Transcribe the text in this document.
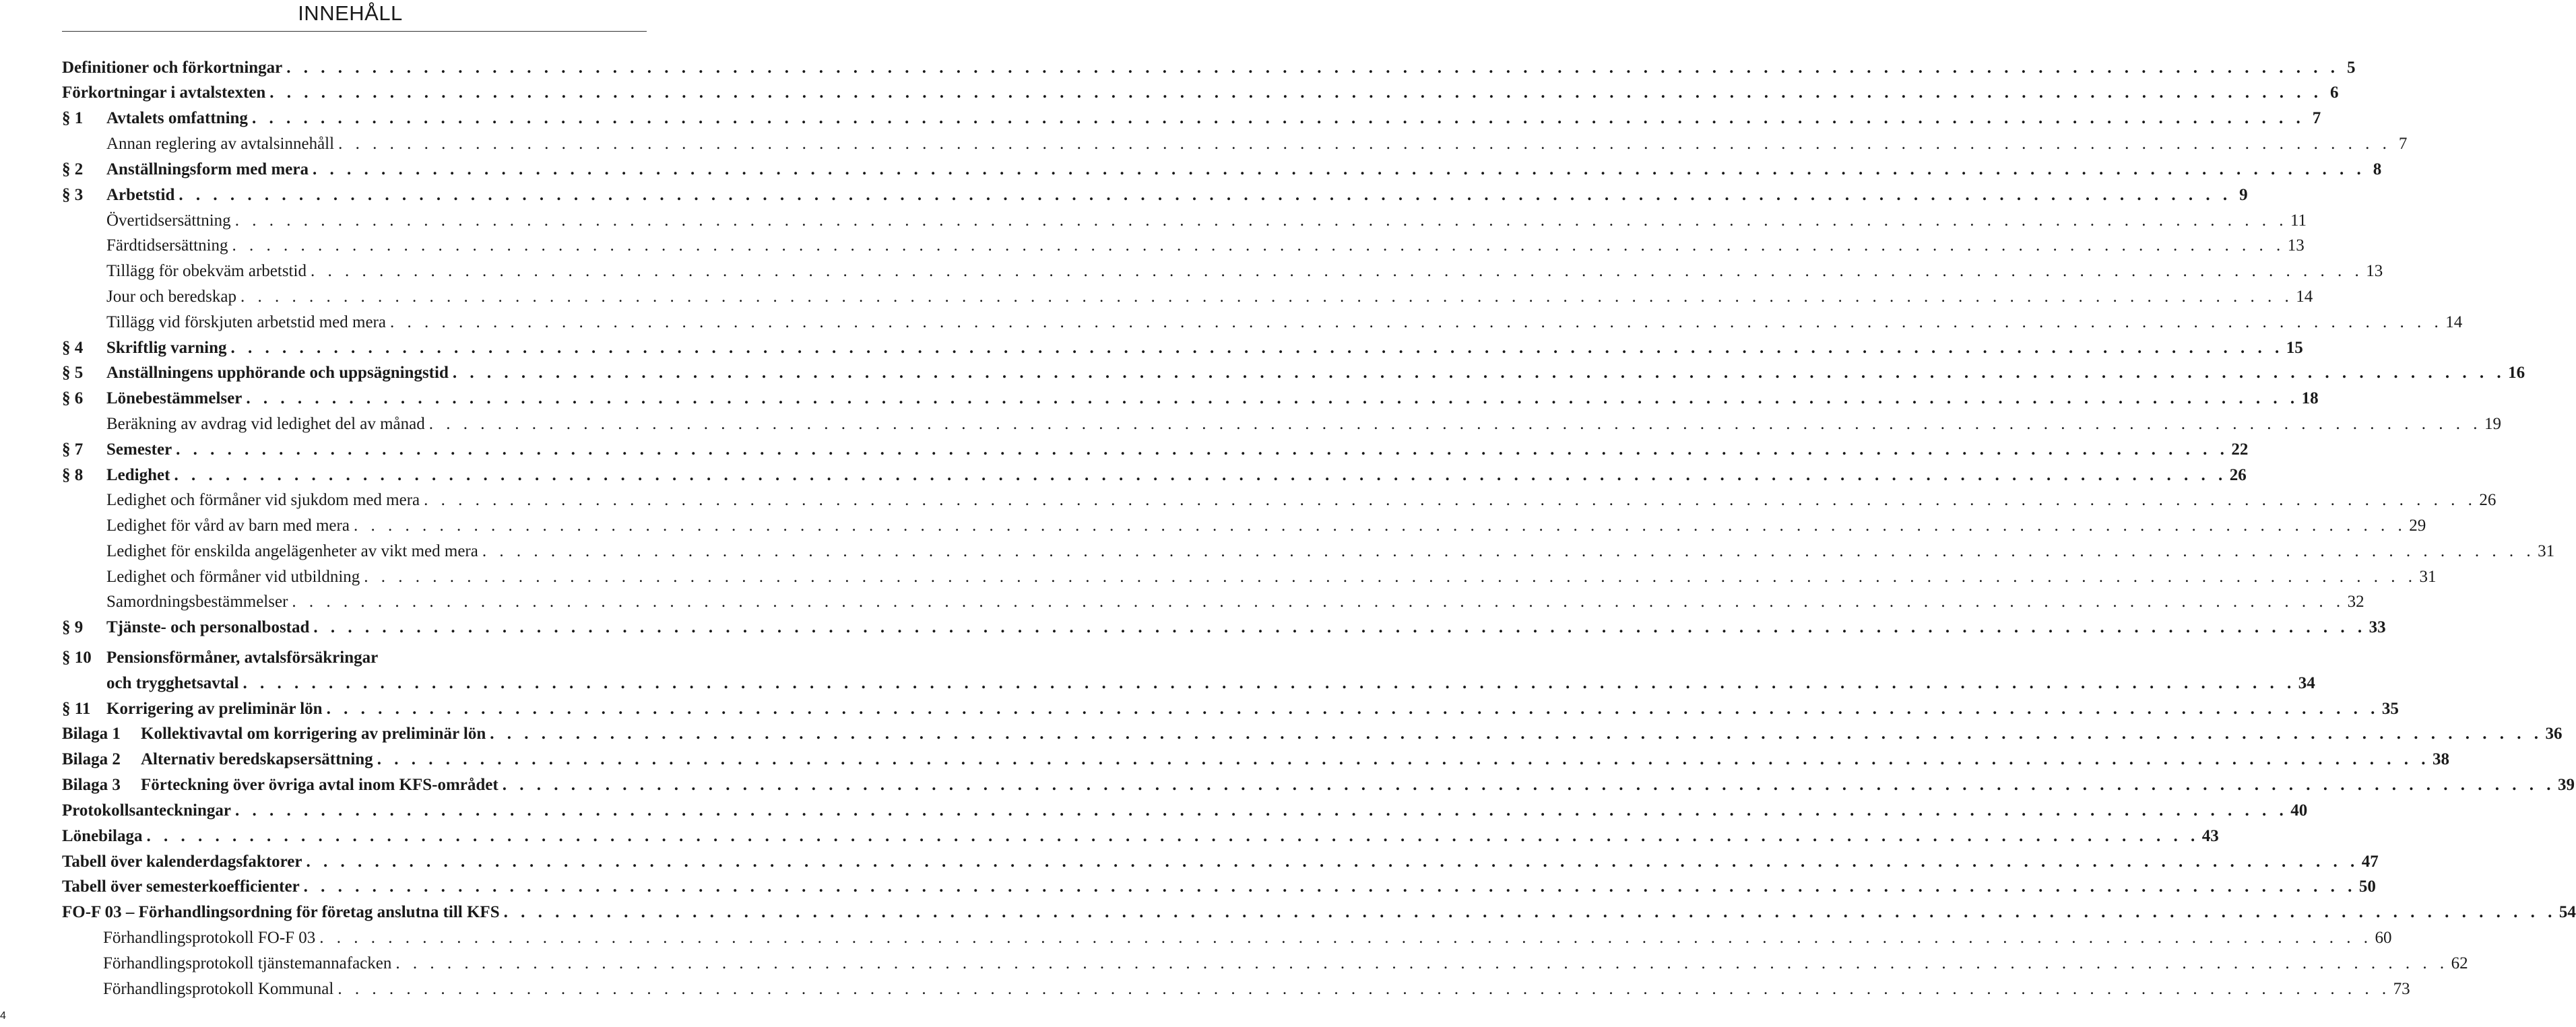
INNEHÅLL
Definitioner och förkortningar . . . . . . . . . . . . . . . . . . . . . . . . . . . . . . . . . . . . . . . . . . . . . . . . . . . . . . . . . . . . . . . . . . . . . . . . . . . . . . . . . . . . . . . . . . . . . . . . . . . . . . . . . . . . . . . . . . . . . . . . 5
Förkortningar i avtalstexten . . . . . . . . . . . . . . . . . . . . . . . . . . . . . . . . . . . . . . . . . . . . . . . . . . . . . . . . . . . . . . . . . . . . . . . . . . . . . . . . . . . . . . . . . . . . . . . . . . . . . . . . . . . . . . . . . . . . . . . . 6
§ 1	Avtalets omfattning . . . . . . . . . . . . . . . . . . . . . . . . . . . . . . . . . . . . . . . . . . . . . . . . . . . . . . . . . . . . . . . . . . . . . . . . . . . . . . . . . . . . . . . . . . . . . . . . . . . . . . . . . . . . . . . . . . . . . . . . 7
Annan reglering av avtalsinnehåll . . . . . . . . . . . . . . . . . . . . . . . . . . . . . . . . . . . . . . . . . . . . . . . . . . . . . . . . . . . . . . . . . . . . . . . . . . . . . . . . . . . . . . . . . . . . . . . . . . . . . . . . . . . . . . . . . . . . . . . . 7
§ 2	Anställningsform med mera . . . . . . . . . . . . . . . . . . . . . . . . . . . . . . . . . . . . . . . . . . . . . . . . . . . . . . . . . . . . . . . . . . . . . . . . . . . . . . . . . . . . . . . . . . . . . . . . . . . . . . . . . . . . . . . . . . . . . . . . 8
§ 3	Arbetstid . . . . . . . . . . . . . . . . . . . . . . . . . . . . . . . . . . . . . . . . . . . . . . . . . . . . . . . . . . . . . . . . . . . . . . . . . . . . . . . . . . . . . . . . . . . . . . . . . . . . . . . . . . . . . . . . . . . . . . . . 9
Övertidsersättning . . . . . . . . . . . . . . . . . . . . . . . . . . . . . . . . . . . . . . . . . . . . . . . . . . . . . . . . . . . . . . . . . . . . . . . . . . . . . . . . . . . . . . . . . . . . . . . . . . . . . . . . . . . . . . . . . . . . . . . . 11
Färdtidsersättning . . . . . . . . . . . . . . . . . . . . . . . . . . . . . . . . . . . . . . . . . . . . . . . . . . . . . . . . . . . . . . . . . . . . . . . . . . . . . . . . . . . . . . . . . . . . . . . . . . . . . . . . . . . . . . . . . . . . . . . . 13
Tillägg för obekväm arbetstid . . . . . . . . . . . . . . . . . . . . . . . . . . . . . . . . . . . . . . . . . . . . . . . . . . . . . . . . . . . . . . . . . . . . . . . . . . . . . . . . . . . . . . . . . . . . . . . . . . . . . . . . . . . . . . . . . . . . . . . . 13
Jour och beredskap . . . . . . . . . . . . . . . . . . . . . . . . . . . . . . . . . . . . . . . . . . . . . . . . . . . . . . . . . . . . . . . . . . . . . . . . . . . . . . . . . . . . . . . . . . . . . . . . . . . . . . . . . . . . . . . . . . . . . . . . 14
Tillägg vid förskjuten arbetstid med mera . . . . . . . . . . . . . . . . . . . . . . . . . . . . . . . . . . . . . . . . . . . . . . . . . . . . . . . . . . . . . . . . . . . . . . . . . . . . . . . . . . . . . . . . . . . . . . . . . . . . . . . . . . . . . . . . . . . . . . . . 14
§ 4	Skriftlig varning . . . . . . . . . . . . . . . . . . . . . . . . . . . . . . . . . . . . . . . . . . . . . . . . . . . . . . . . . . . . . . . . . . . . . . . . . . . . . . . . . . . . . . . . . . . . . . . . . . . . . . . . . . . . . . . . . . . . . . . . 15
§ 5	Anställningens upphörande och uppsägningstid . . . . . . . . . . . . . . . . . . . . . . . . . . . . . . . . . . . . . . . . . . . . . . . . . . . . . . . . . . . . . . . . . . . . . . . . . . . . . . . . . . . . . . . . . . . . . . . . . . . . . . . . . . . . . . . . . . . . . . . . 16
§ 6	Lönebestämmelser . . . . . . . . . . . . . . . . . . . . . . . . . . . . . . . . . . . . . . . . . . . . . . . . . . . . . . . . . . . . . . . . . . . . . . . . . . . . . . . . . . . . . . . . . . . . . . . . . . . . . . . . . . . . . . . . . . . . . . . . 18
Beräkning av avdrag vid ledighet del av månad . . . . . . . . . . . . . . . . . . . . . . . . . . . . . . . . . . . . . . . . . . . . . . . . . . . . . . . . . . . . . . . . . . . . . . . . . . . . . . . . . . . . . . . . . . . . . . . . . . . . . . . . . . . . . . . . . . . . . . . . 19
§ 7	Semester . . . . . . . . . . . . . . . . . . . . . . . . . . . . . . . . . . . . . . . . . . . . . . . . . . . . . . . . . . . . . . . . . . . . . . . . . . . . . . . . . . . . . . . . . . . . . . . . . . . . . . . . . . . . . . . . . . . . . . . . 22
§ 8	Ledighet . . . . . . . . . . . . . . . . . . . . . . . . . . . . . . . . . . . . . . . . . . . . . . . . . . . . . . . . . . . . . . . . . . . . . . . . . . . . . . . . . . . . . . . . . . . . . . . . . . . . . . . . . . . . . . . . . . . . . . . . 26
Ledighet och förmåner vid sjukdom med mera . . . . . . . . . . . . . . . . . . . . . . . . . . . . . . . . . . . . . . . . . . . . . . . . . . . . . . . . . . . . . . . . . . . . . . . . . . . . . . . . . . . . . . . . . . . . . . . . . . . . . . . . . . . . . . . . . . . . . . . . 26
Ledighet för vård av barn med mera . . . . . . . . . . . . . . . . . . . . . . . . . . . . . . . . . . . . . . . . . . . . . . . . . . . . . . . . . . . . . . . . . . . . . . . . . . . . . . . . . . . . . . . . . . . . . . . . . . . . . . . . . . . . . . . . . . . . . . . . 29
Ledighet för enskilda angelägenheter av vikt med mera . . . . . . . . . . . . . . . . . . . . . . . . . . . . . . . . . . . . . . . . . . . . . . . . . . . . . . . . . . . . . . . . . . . . . . . . . . . . . . . . . . . . . . . . . . . . . . . . . . . . . . . . . . . . . . . . . . . . . . . . 31
Ledighet och förmåner vid utbildning . . . . . . . . . . . . . . . . . . . . . . . . . . . . . . . . . . . . . . . . . . . . . . . . . . . . . . . . . . . . . . . . . . . . . . . . . . . . . . . . . . . . . . . . . . . . . . . . . . . . . . . . . . . . . . . . . . . . . . . . 31
Samordningsbestämmelser . . . . . . . . . . . . . . . . . . . . . . . . . . . . . . . . . . . . . . . . . . . . . . . . . . . . . . . . . . . . . . . . . . . . . . . . . . . . . . . . . . . . . . . . . . . . . . . . . . . . . . . . . . . . . . . . . . . . . . . . 32
§ 9	Tjänste- och personalbostad . . . . . . . . . . . . . . . . . . . . . . . . . . . . . . . . . . . . . . . . . . . . . . . . . . . . . . . . . . . . . . . . . . . . . . . . . . . . . . . . . . . . . . . . . . . . . . . . . . . . . . . . . . . . . . . . . . . . . . . . 33
§ 10 Pensionsförmåner, avtalsförsäkringar
och trygghetsavtal . . . . . . . . . . . . . . . . . . . . . . . . . . . . . . . . . . . . . . . . . . . . . . . . . . . . . . . . . . . . . . . . . . . . . . . . . . . . . . . . . . . . . . . . . . . . . . . . . . . . . . . . . . . . . . . . . . . . . . . . 34
§ 11 Korrigering av preliminär lön . . . . . . . . . . . . . . . . . . . . . . . . . . . . . . . . . . . . . . . . . . . . . . . . . . . . . . . . . . . . . . . . . . . . . . . . . . . . . . . . . . . . . . . . . . . . . . . . . . . . . . . . . . . . . . . . . . . . . . . . 35
Bilaga 1	Kollektivavtal om korrigering av preliminär lön . . . . . . . . . . . . . . . . . . . . . . . . . . . . . . . . . . . . . . . . . . . . . . . . . . . . . . . . . . . . . . . . . . . . . . . . . . . . . . . . . . . . . . . . . . . . . . . . . . . . . . . . . . . . . . . . . . . . . . . . 36
Bilaga 2	Alternativ beredskapsersättning . . . . . . . . . . . . . . . . . . . . . . . . . . . . . . . . . . . . . . . . . . . . . . . . . . . . . . . . . . . . . . . . . . . . . . . . . . . . . . . . . . . . . . . . . . . . . . . . . . . . . . . . . . . . . . . . . . . . . . . . 38
Bilaga 3	Förteckning över övriga avtal inom KFS-området . . . . . . . . . . . . . . . . . . . . . . . . . . . . . . . . . . . . . . . . . . . . . . . . . . . . . . . . . . . . . . . . . . . . . . . . . . . . . . . . . . . . . . . . . . . . . . . . . . . . . . . . . . . . . . . . . . . . . . . . 39
Protokollsanteckningar . . . . . . . . . . . . . . . . . . . . . . . . . . . . . . . . . . . . . . . . . . . . . . . . . . . . . . . . . . . . . . . . . . . . . . . . . . . . . . . . . . . . . . . . . . . . . . . . . . . . . . . . . . . . . . . . . . . . . . . . 40
Lönebilaga . . . . . . . . . . . . . . . . . . . . . . . . . . . . . . . . . . . . . . . . . . . . . . . . . . . . . . . . . . . . . . . . . . . . . . . . . . . . . . . . . . . . . . . . . . . . . . . . . . . . . . . . . . . . . . . . . . . . . . . . 43
Tabell över kalenderdagsfaktorer . . . . . . . . . . . . . . . . . . . . . . . . . . . . . . . . . . . . . . . . . . . . . . . . . . . . . . . . . . . . . . . . . . . . . . . . . . . . . . . . . . . . . . . . . . . . . . . . . . . . . . . . . . . . . . . . . . . . . . . . 47
Tabell över semesterkoefficienter . . . . . . . . . . . . . . . . . . . . . . . . . . . . . . . . . . . . . . . . . . . . . . . . . . . . . . . . . . . . . . . . . . . . . . . . . . . . . . . . . . . . . . . . . . . . . . . . . . . . . . . . . . . . . . . . . . . . . . . . 50
FO-F 03 – Förhandlingsordning för företag anslutna till KFS . . . . . . . . . . . . . . . . . . . . . . . . . . . . . . . . . . . . . . . . . . . . . . . . . . . . . . . . . . . . . . . . . . . . . . . . . . . . . . . . . . . . . . . . . . . . . . . . . . . . . . . . . . . . . . . . . . . . . . . . 54
Förhandlingsprotokoll FO-F 03 . . . . . . . . . . . . . . . . . . . . . . . . . . . . . . . . . . . . . . . . . . . . . . . . . . . . . . . . . . . . . . . . . . . . . . . . . . . . . . . . . . . . . . . . . . . . . . . . . . . . . . . . . . . . . . . . . . . . . . . . 60
Förhandlingsprotokoll tjänstemannafacken . . . . . . . . . . . . . . . . . . . . . . . . . . . . . . . . . . . . . . . . . . . . . . . . . . . . . . . . . . . . . . . . . . . . . . . . . . . . . . . . . . . . . . . . . . . . . . . . . . . . . . . . . . . . . . . . . . . . . . . . 62
Förhandlingsprotokoll Kommunal . . . . . . . . . . . . . . . . . . . . . . . . . . . . . . . . . . . . . . . . . . . . . . . . . . . . . . . . . . . . . . . . . . . . . . . . . . . . . . . . . . . . . . . . . . . . . . . . . . . . . . . . . . . . . . . . . . . . . . . . 73
4
